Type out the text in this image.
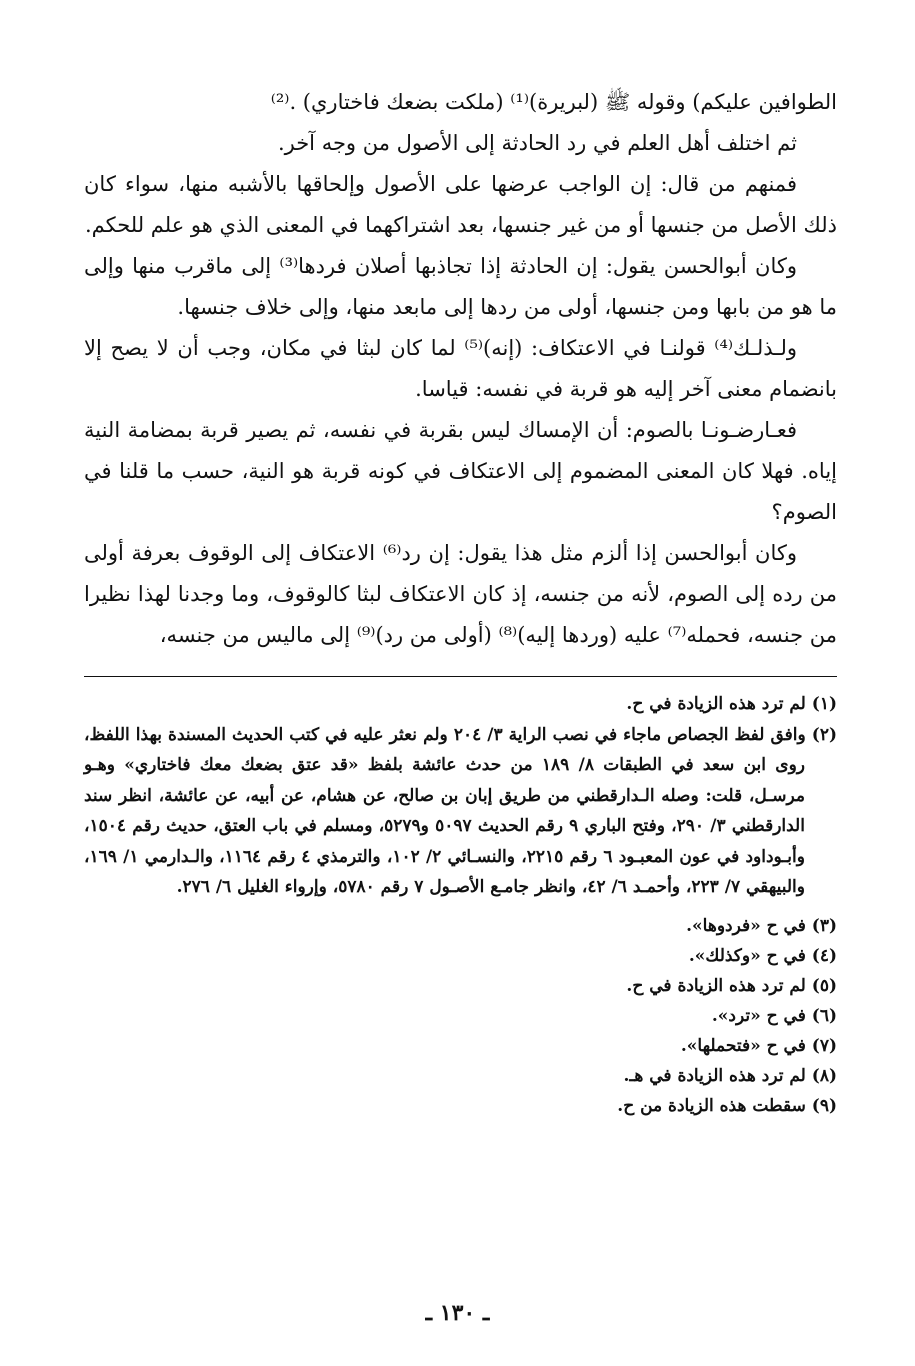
الطوافين عليكم) وقوله ﷺ (لبريرة)⁽¹⁾ (ملكت بضعك فاختاري) .⁽²⁾

ثم اختلف أهل العلم في رد الحادثة إلى الأصول من وجه آخر.

فمنهم من قال: إن الواجب عرضها على الأصول وإلحاقها بالأشبه منها، سواء كان ذلك الأصل من جنسها أو من غير جنسها، بعد اشتراكهما في المعنى الذي هو علم للحكم.

وكان أبوالحسن يقول: إن الحادثة إذا تجاذبها أصلان فردها⁽³⁾ إلى ماقرب منها وإلى ما هو من بابها ومن جنسها، أولى من ردها إلى مابعد منها، وإلى خلاف جنسها.

ولـذلـك⁽⁴⁾ قولنـا في الاعتكاف: (إنه)⁽⁵⁾ لما كان لبثا في مكان، وجب أن لا يصح إلا بانضمام معنى آخر إليه هو قربة في نفسه: قياسا.

فعـارضـونـا بالصوم: أن الإمساك ليس بقربة في نفسه، ثم يصير قربة بمضامة النية إياه. فهلا كان المعنى المضموم إلى الاعتكاف في كونه قربة هو النية، حسب ما قلنا في الصوم؟

وكان أبوالحسن إذا ألزم مثل هذا يقول: إن رد⁽⁶⁾ الاعتكاف إلى الوقوف بعرفة أولى من رده إلى الصوم، لأنه من جنسه، إذ كان الاعتكاف لبثا كالوقوف، وما وجدنا لهذا نظيرا من جنسه، فحمله⁽⁷⁾ عليه (وردها إليه)⁽⁸⁾ (أولى من رد)⁽⁹⁾ إلى ماليس من جنسه،

(١) لم ترد هذه الزيادة في ح.

(٢) وافق لفظ الجصاص ماجاء في نصب الراية ٣/ ٢٠٤ ولم نعثر عليه في كتب الحديث المسندة بهذا اللفظ، روى ابن سعد في الطبقات ٨/ ١٨٩ من حدث عائشة بلفظ «قد عتق بضعك معك فاختاري» وهـو مرسـل، قلت: وصله الـدارقطني من طريق إبان بن صالح، عن هشام، عن أبيه، عن عائشة، انظر سند الدارقطني ٣/ ٢٩٠، وفتح الباري ٩ رقم الحديث ٥٠٩٧ و٥٢٧٩، ومسلم في باب العتق، حديث رقم ١٥٠٤، وأبـوداود في عون المعبـود ٦ رقم ٢٢١٥، والنسـائي ٢/ ١٠٢، والترمذي ٤ رقم ١١٦٤، والـدارمي ١/ ١٦٩، والبيهقي ٧/ ٢٢٣، وأحمـد ٦/ ٤٢، وانظر جامـع الأصـول ٧ رقم ٥٧٨٠، وإرواء الغليل ٦/ ٢٧٦.

(٣) في ح «فردوها».

(٤) في ح «وكذلك».

(٥) لم ترد هذه الزيادة في ح.

(٦) في ح «ترد».

(٧) في ح «فتحملها».

(٨) لم ترد هذه الزيادة في هـ.

(٩) سقطت هذه الزيادة من ح.

ـ ١٣٠ ـ
